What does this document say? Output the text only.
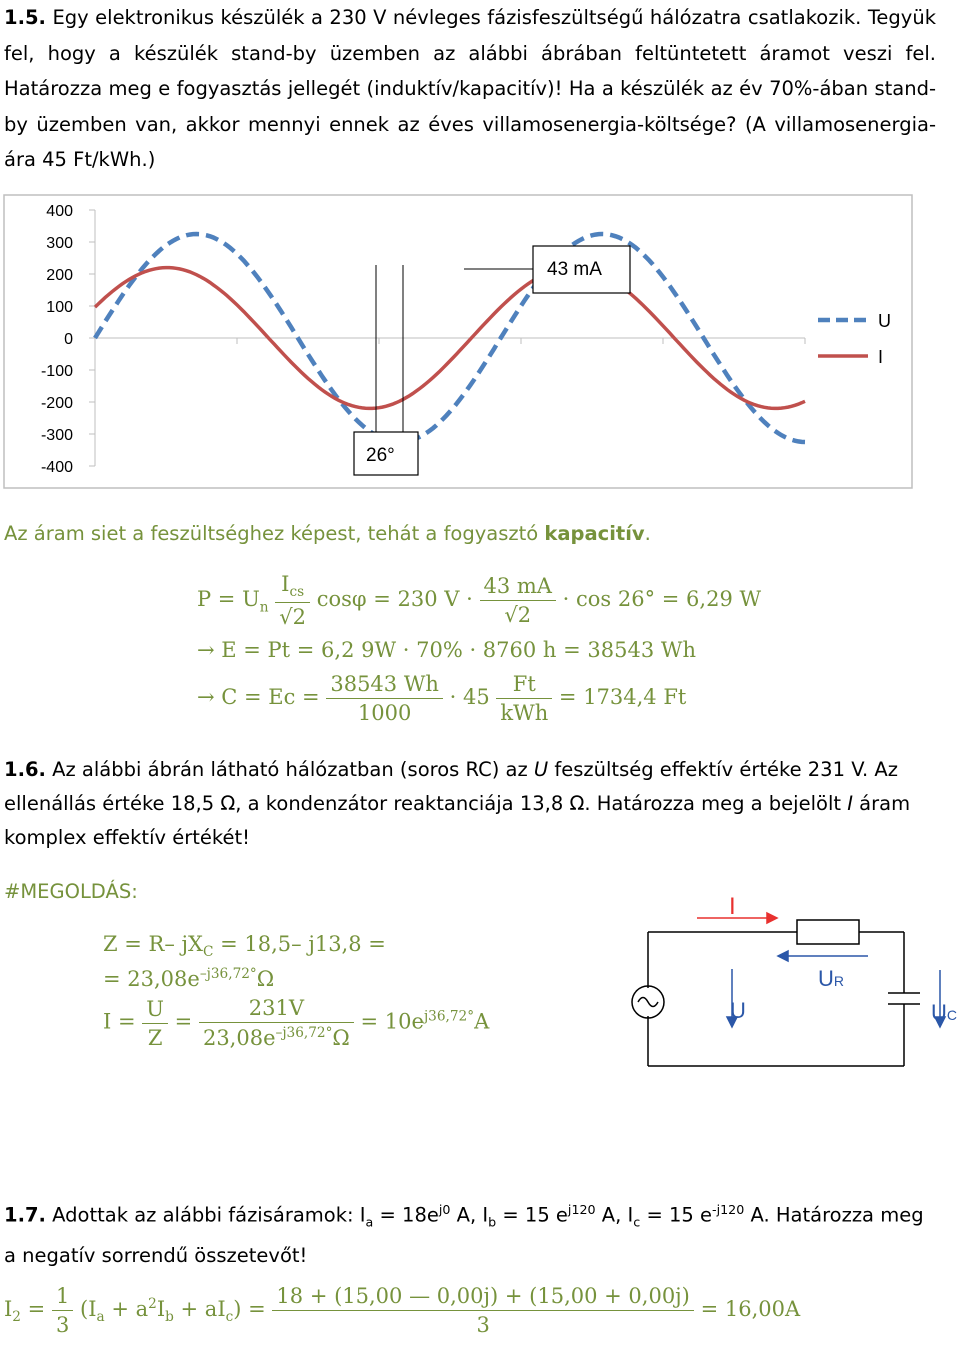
1.5. Egy elektronikus készülék a 230 V névleges fázisfeszültségű hálózatra csatlakozik. Tegyük fel, hogy a készülék stand-by üzemben az alábbi ábrában feltüntetett áramot veszi fel. Határozza meg e fogyasztás jellegét (induktív/kapacitív)! Ha a készülék az év 70%-ában stand-by üzemben van, akkor mennyi ennek az éves villamosenergia-költsége? (A villamosenergia-ára 45 Ft/kWh.)
400
300
200
100
0
-100
-200
-300
-400
26°
43 mA
U
I
Az áram siet a feszültséghez képest, tehát a fogyasztó kapacitív.
$P = U_n \frac{I_{cs}}{√2}$ cosφ = 230 $V \cdot \frac{43 mA}{√2} \cdot \cos 26^\circ = 6,29$ W
→ E = Pt = 6,2 9W · 70% · 8760 h = 38543 Wh
→ $C = Ec = \frac{38543 Wh}{1000} \cdot 45 \frac{Ft}{\text{kWh}} = 1734,4$ Ft
1.6. Az alábbi ábrán látható hálózatban (soros RC) az U feszültség effektív értéke 231 V. Az ellenállás értéke 18,5 Ω, a kondenzátor reaktanciája 13,8 Ω. Határozza meg a bejelölt I áram komplex effektív értékét!
#MEGOLDÁS:
Z = R– $jX_C = 18,5-$ j13,8 =
= $23,08e^{-j36,72^\circ}\Omega$
$I = \frac{U}{Z} = \frac{231V}{23,08e^{-j36,72^\circ}\Omega} = 10e^{j36,72^\circ}A$
I
U
UR
UC
1.7. Adottak az alábbi fázisáramok: $I_a = 18e^{j0}$ A, $I_b = 15$ $e^{j120}$ A, $I_c = 15$ $e^{-j120}$ A. Határozza meg a negatív sorrendű összetevőt!
$I_2 = \frac{1}{3} (I_a + a^2I_b + aI_c) = \frac{18 + (15,00 — 0,00j) + (15,00 + 0,00j)}{3} = 16,00A$
